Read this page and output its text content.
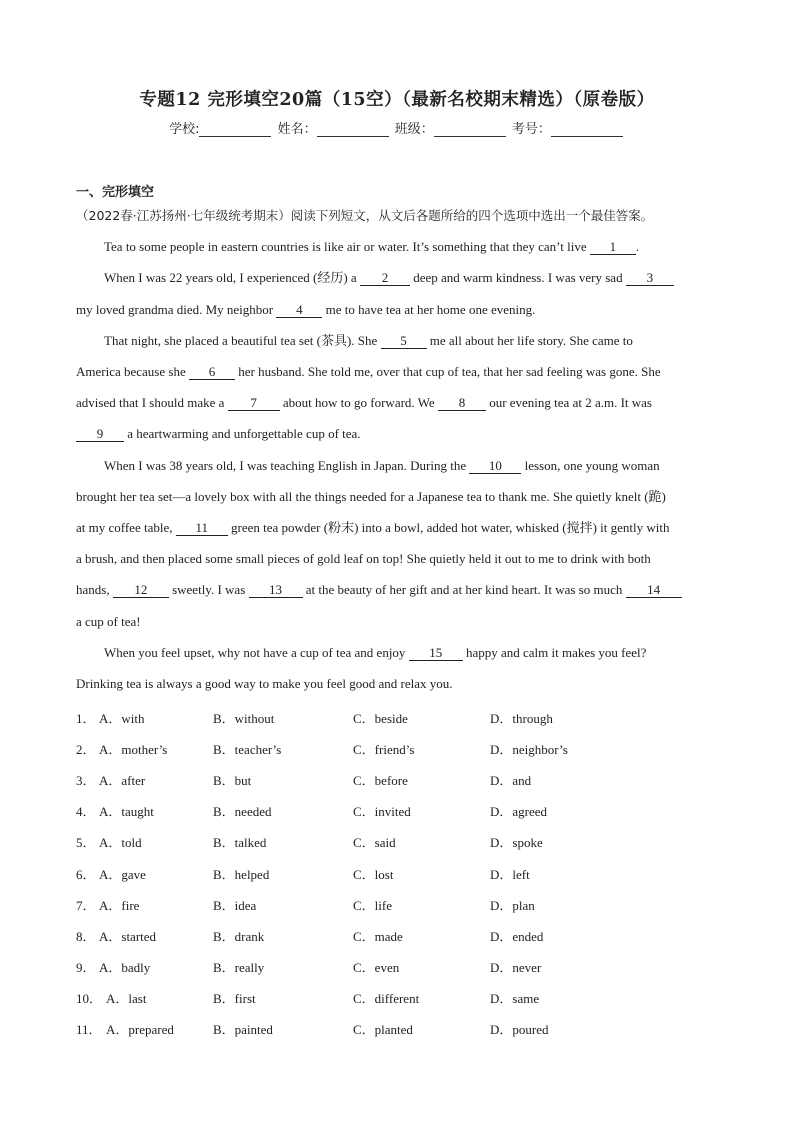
专题12 完形填空20篇（15空）（最新名校期末精选）（原卷版）
学校:	姓名：	班级：	考号：
一、完形填空
（2022春·江苏扬州·七年级统考期末）阅读下列短文，从文后各题所给的四个选项中选出一个最佳答案。
Tea to some people in eastern countries is like air or water. It’s something that they can’t live 1 .
When I was 22 years old, I experienced (经历) a 2 deep and warm kindness. I was very sad 3
my loved grandma died. My neighbor 4 me to have tea at her home one evening.
That night, she placed a beautiful tea set (茶具). She 5 me all about her life story. She came to
America because she 6 her husband. She told me, over that cup of tea, that her sad feeling was gone. She
advised that I should make a 7 about how to go forward. We 8 our evening tea at 2 a.m. It was
9 a heartwarming and unforgettable cup of tea.
When I was 38 years old, I was teaching English in Japan. During the 10 lesson, one young woman
brought her tea set—a lovely box with all the things needed for a Japanese tea to thank me. She quietly knelt (跪)
at my coffee table, 11 green tea powder (粉末) into a bowl, added hot water, whisked (搅拌) it gently with
a brush, and then placed some small pieces of gold leaf on top! She quietly held it out to me to drink with both
hands, 12 sweetly. I was 13 at the beauty of her gift and at her kind heart. It was so much 14
a cup of tea!
When you feel upset, why not have a cup of tea and enjoy 15 happy and calm it makes you feel?
Drinking tea is always a good way to make you feel good and relax you.
1． A．with	B．without	C．beside	D．through
2． A．mother’s	B．teacher’s	C．friend’s	D．neighbor’s
3． A．after	B．but	C．before	D．and
4． A．taught	B．needed	C．invited	D．agreed
5． A．told	B．talked	C．said	D．spoke
6． A．gave	B．helped	C．lost	D．left
7． A．fire	B．idea	C．life	D．plan
8． A．started	B．drank	C．made	D．ended
9． A．badly	B．really	C．even	D．never
10． A．last	B．first	C．different	D．same
11． A．prepared	B．painted	C．planted	D．poured
